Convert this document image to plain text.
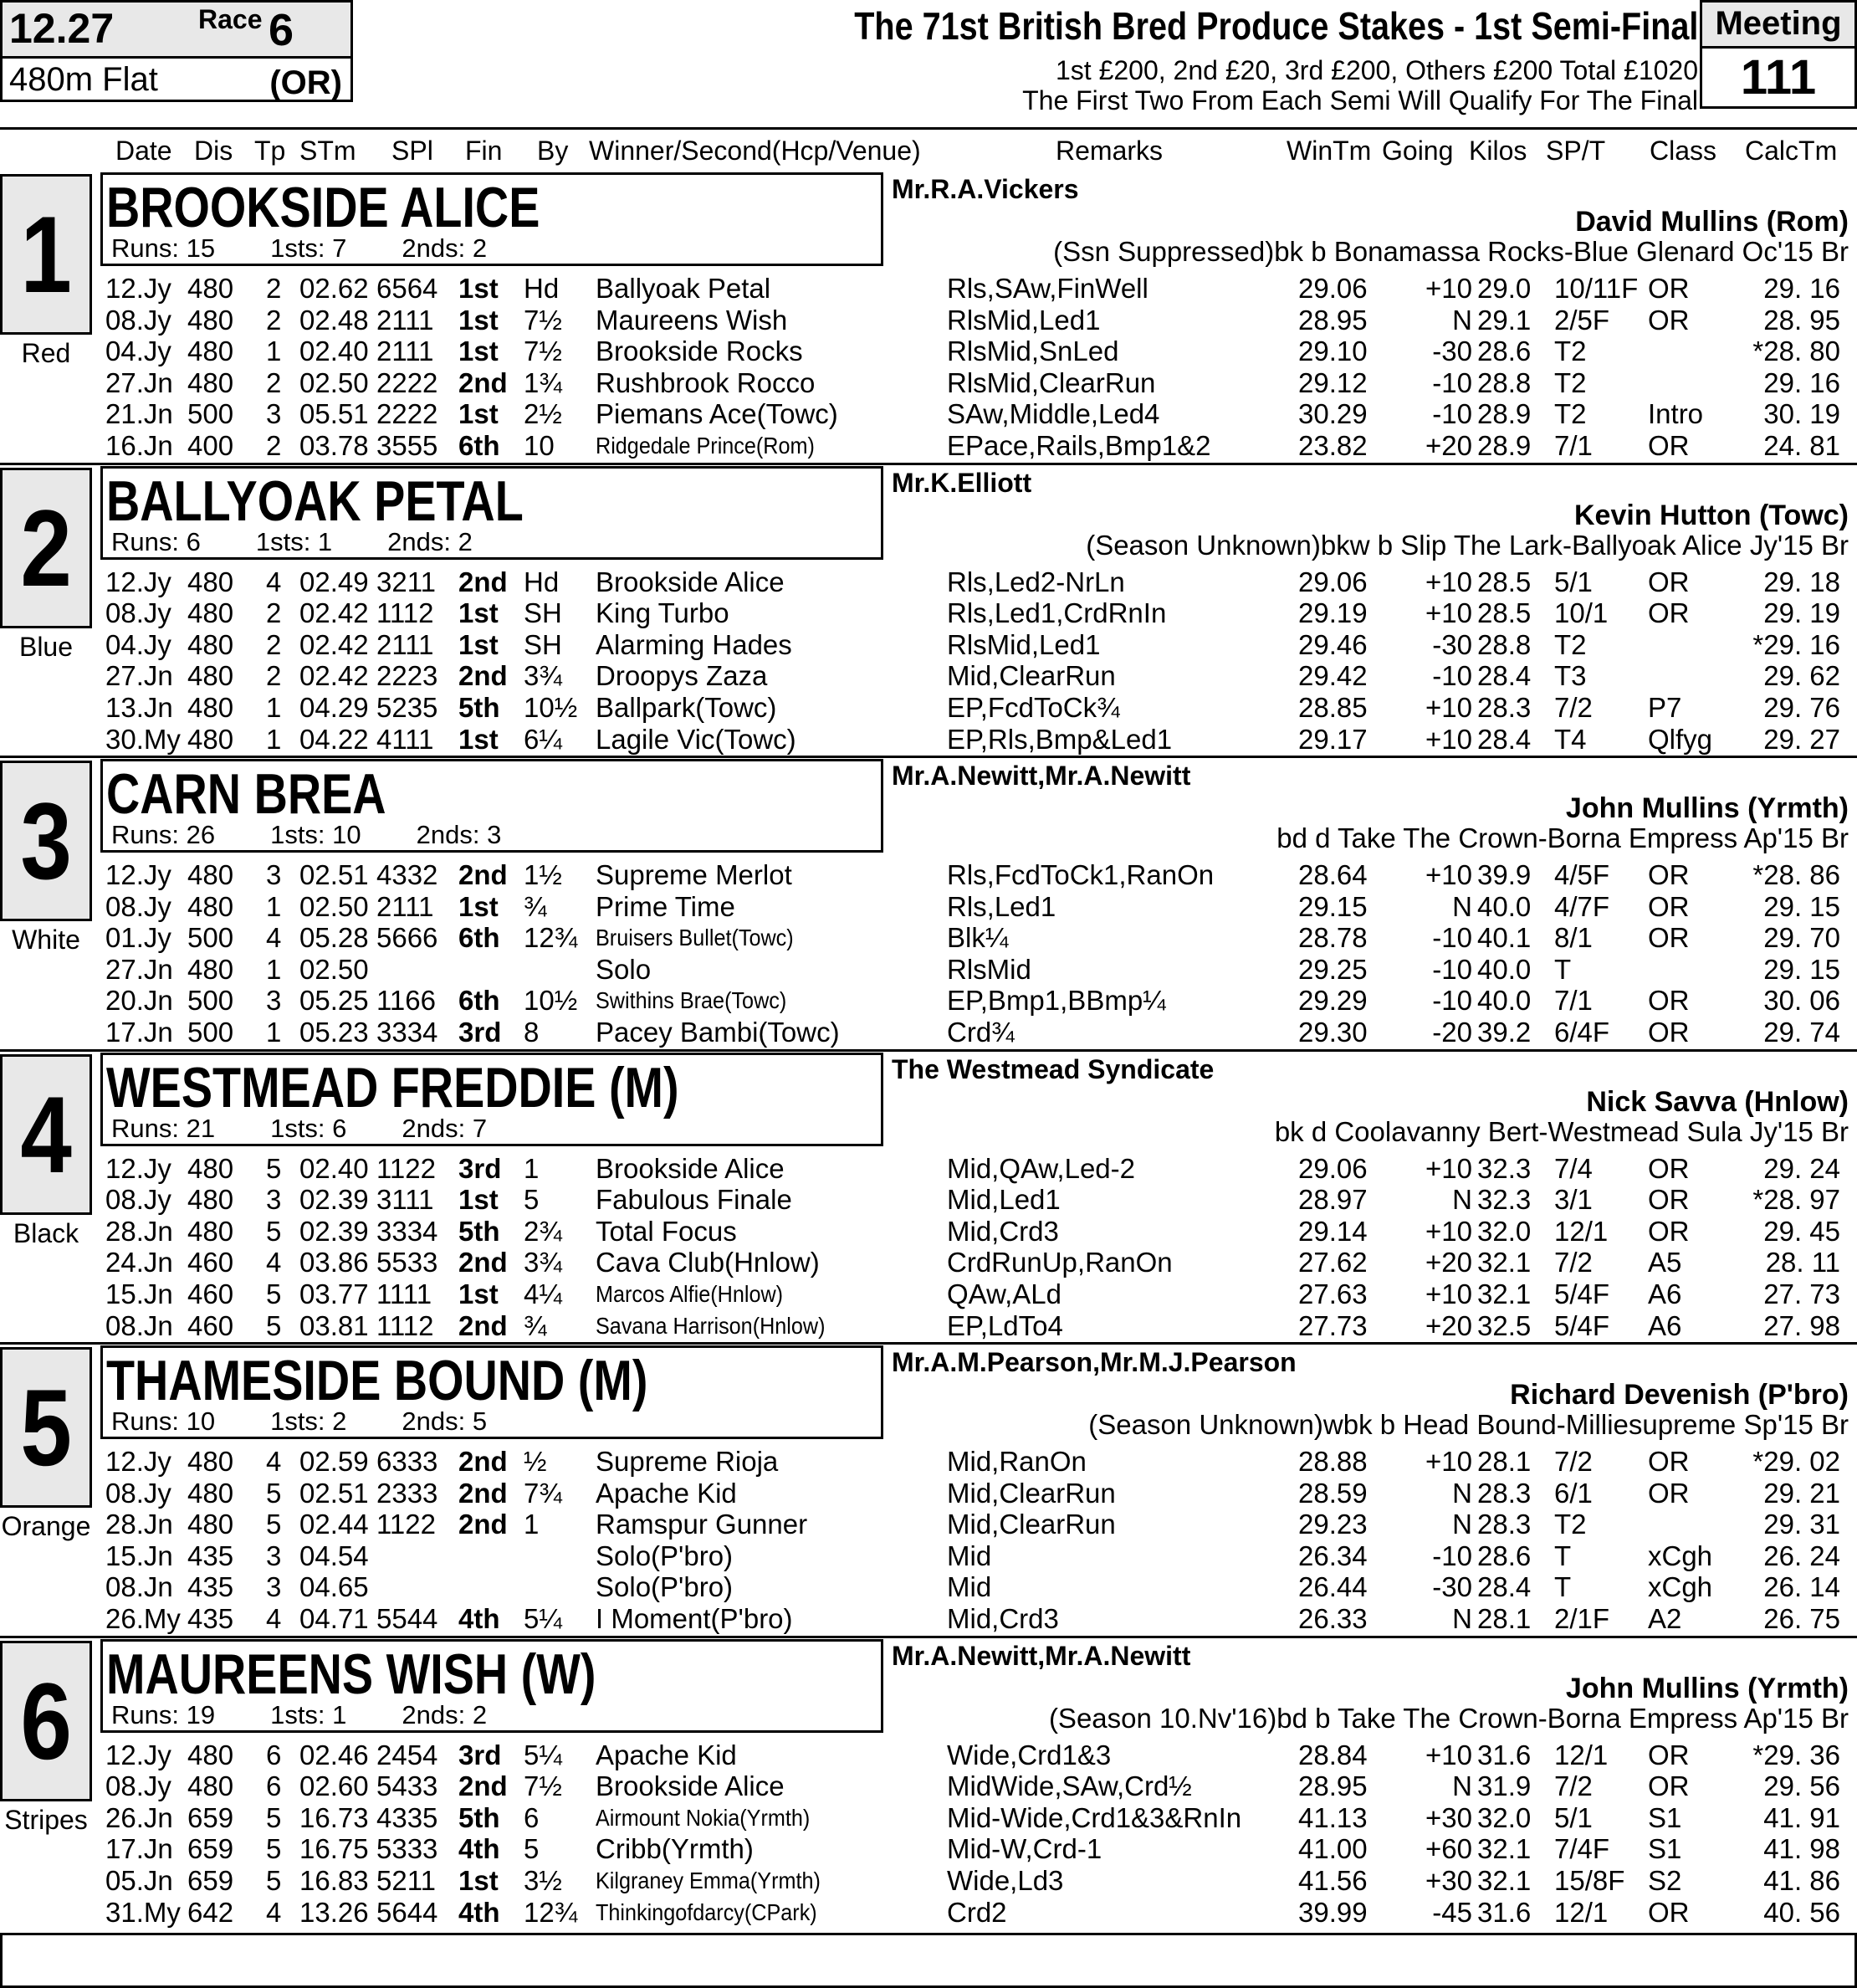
12.27	Race 6
480m Flat	(OR)
The 71st British Bred Produce Stakes - 1st Semi-Final
1st £200, 2nd £20, 3rd £200, Others £200 Total £1020
The First Two From Each Semi Will Qualify For The Final
Meeting
111
Date Dis Tp STm SPl Fin By Winner/Second(Hcp/Venue)	Remarks	WinTm Going Kilos SP/T Class CalcTm
1
Red
BROOKSIDE ALICE
Runs: 15 1sts: 7 2nds: 2
Mr.R.A.Vickers
David Mullins (Rom)
(Ssn Suppressed)bk b Bonamassa Rocks-Blue Glenard Oc'15 Br
12.Jy 480 2 02.62 6564 1st Hd Ballyoak Petal	Rls,SAw,FinWell	29.06	+10 29.0 10/11F OR	29. 16
08.Jy 480 2 02.48 2111 1st 7½ Maureens Wish	RlsMid,Led1	28.95	N 29.1 2/5F OR	28. 95
04.Jy 480 1 02.40 2111 1st 7½ Brookside Rocks	RlsMid,SnLed	29.10	-30 28.6 T2	*28. 80
27.Jn 480 2 02.50 2222 2nd 1¾ Rushbrook Rocco	RlsMid,ClearRun	29.12	-10 28.8 T2	29. 16
21.Jn 500 3 05.51 2222 1st 2½ Piemans Ace(Towc)	SAw,Middle,Led4	30.29	-10 28.9 T2 Intro	30. 19
16.Jn 400 2 03.78 3555 6th 10 Ridgedale Prince(Rom)	EPace,Rails,Bmp1&2	23.82	+20 28.9 7/1 OR	24. 81
2
Blue
BALLYOAK PETAL
Runs: 6 1sts: 1 2nds: 2
Mr.K.Elliott
Kevin Hutton (Towc)
(Season Unknown)bkw b Slip The Lark-Ballyoak Alice Jy'15 Br
12.Jy 480 4 02.49 3211 2nd Hd Brookside Alice	Rls,Led2-NrLn	29.06	+10 28.5 5/1 OR	29. 18
08.Jy 480 2 02.42 1112 1st SH King Turbo	Rls,Led1,CrdRnIn	29.19	+10 28.5 10/1 OR	29. 19
04.Jy 480 2 02.42 2111 1st SH Alarming Hades	RlsMid,Led1	29.46	-30 28.8 T2	*29. 16
27.Jn 480 2 02.42 2223 2nd 3¾ Droopys Zaza	Mid,ClearRun	29.42	-10 28.4 T3	29. 62
13.Jn 480 1 04.29 5235 5th 10½ Ballpark(Towc)	EP,FcdToCk¾	28.85	+10 28.3 7/2 P7	29. 76
30.My 480 1 04.22 4111 1st 6¼ Lagile Vic(Towc)	EP,Rls,Bmp&Led1	29.17	+10 28.4 T4 Qlfyg	29. 27
3
White
CARN BREA
Runs: 26 1sts: 10 2nds: 3
Mr.A.Newitt,Mr.A.Newitt
John Mullins (Yrmth)
bd d Take The Crown-Borna Empress Ap'15 Br
12.Jy 480 3 02.51 4332 2nd 1½ Supreme Merlot	Rls,FcdToCk1,RanOn	28.64	+10 39.9 4/5F OR	*28. 86
08.Jy 480 1 02.50 2111 1st ¾ Prime Time	Rls,Led1	29.15	N 40.0 4/7F OR	29. 15
01.Jy 500 4 05.28 5666 6th 12¾ Bruisers Bullet(Towc)	Blk¼	28.78	-10 40.1 8/1 OR	29. 70
27.Jn 480 1 02.50	Solo	RlsMid	29.25	-10 40.0 T	29. 15
20.Jn 500 3 05.25 1166 6th 10½ Swithins Brae(Towc)	EP,Bmp1,BBmp¼	29.29	-10 40.0 7/1 OR	30. 06
17.Jn 500 1 05.23 3334 3rd 8 Pacey Bambi(Towc)	Crd¾	29.30	-20 39.2 6/4F OR	29. 74
4
Black
WESTMEAD FREDDIE (M)
Runs: 21 1sts: 6 2nds: 7
The Westmead Syndicate
Nick Savva (Hnlow)
bk d Coolavanny Bert-Westmead Sula Jy'15 Br
12.Jy 480 5 02.40 1122 3rd 1 Brookside Alice	Mid,QAw,Led-2	29.06	+10 32.3 7/4 OR	29. 24
08.Jy 480 3 02.39 3111 1st 5 Fabulous Finale	Mid,Led1	28.97	N 32.3 3/1 OR	*28. 97
28.Jn 480 5 02.39 3334 5th 2¾ Total Focus	Mid,Crd3	29.14	+10 32.0 12/1 OR	29. 45
24.Jn 460 4 03.86 5533 2nd 3¾ Cava Club(Hnlow)	CrdRunUp,RanOn	27.62	+20 32.1 7/2 A5	28. 11
15.Jn 460 5 03.77 1111 1st 4¼ Marcos Alfie(Hnlow)	QAw,ALd	27.63	+10 32.1 5/4F A6	27. 73
08.Jn 460 5 03.81 1112 2nd ¾ Savana Harrison(Hnlow)	EP,LdTo4	27.73	+20 32.5 5/4F A6	27. 98
5
Orange
THAMESIDE BOUND (M)
Runs: 10 1sts: 2 2nds: 5
Mr.A.M.Pearson,Mr.M.J.Pearson
Richard Devenish (P'bro)
(Season Unknown)wbk b Head Bound-Milliesupreme Sp'15 Br
12.Jy 480 4 02.59 6333 2nd ½ Supreme Rioja	Mid,RanOn	28.88	+10 28.1 7/2 OR	*29. 02
08.Jy 480 5 02.51 2333 2nd 7¾ Apache Kid	Mid,ClearRun	28.59	N 28.3 6/1 OR	29. 21
28.Jn 480 5 02.44 1122 2nd 1 Ramspur Gunner	Mid,ClearRun	29.23	N 28.3 T2	29. 31
15.Jn 435 3 04.54	Solo(P'bro)	Mid	26.34	-10 28.6 T	xCgh	26. 24
08.Jn 435 3 04.65	Solo(P'bro)	Mid	26.44	-30 28.4 T	xCgh	26. 14
26.My 435 4 04.71 5544 4th 5¼ I Moment(P'bro)	Mid,Crd3	26.33	N 28.1 2/1F A2	26. 75
6
Stripes
MAUREENS WISH (W)
Runs: 19 1sts: 1 2nds: 2
Mr.A.Newitt,Mr.A.Newitt
John Mullins (Yrmth)
(Season 10.Nv'16)bd b Take The Crown-Borna Empress Ap'15 Br
12.Jy 480 6 02.46 2454 3rd 5¼ Apache Kid	Wide,Crd1&3	28.84	+10 31.6 12/1 OR	*29. 36
08.Jy 480 6 02.60 5433 2nd 7½ Brookside Alice	MidWide,SAw,Crd½	28.95	N 31.9 7/2 OR	29. 56
26.Jn 659 5 16.73 4335 5th 6 Airmount Nokia(Yrmth)	Mid-Wide,Crd1&3&RnIn 41.13	+30 32.0 5/1 S1	41. 91
17.Jn 659 5 16.75 5333 4th 5 Cribb(Yrmth)	Mid-W,Crd-1	41.00	+60 32.1 7/4F S1	41. 98
05.Jn 659 5 16.83 5211 1st 3½ Kilgraney Emma(Yrmth)	Wide,Ld3	41.56	+30 32.1 15/8F S2	41. 86
31.My 642 4 13.26 5644 4th 12¾ Thinkingofdarcy(CPark)	Crd2	39.99	-45 31.6 12/1 OR	40. 56
